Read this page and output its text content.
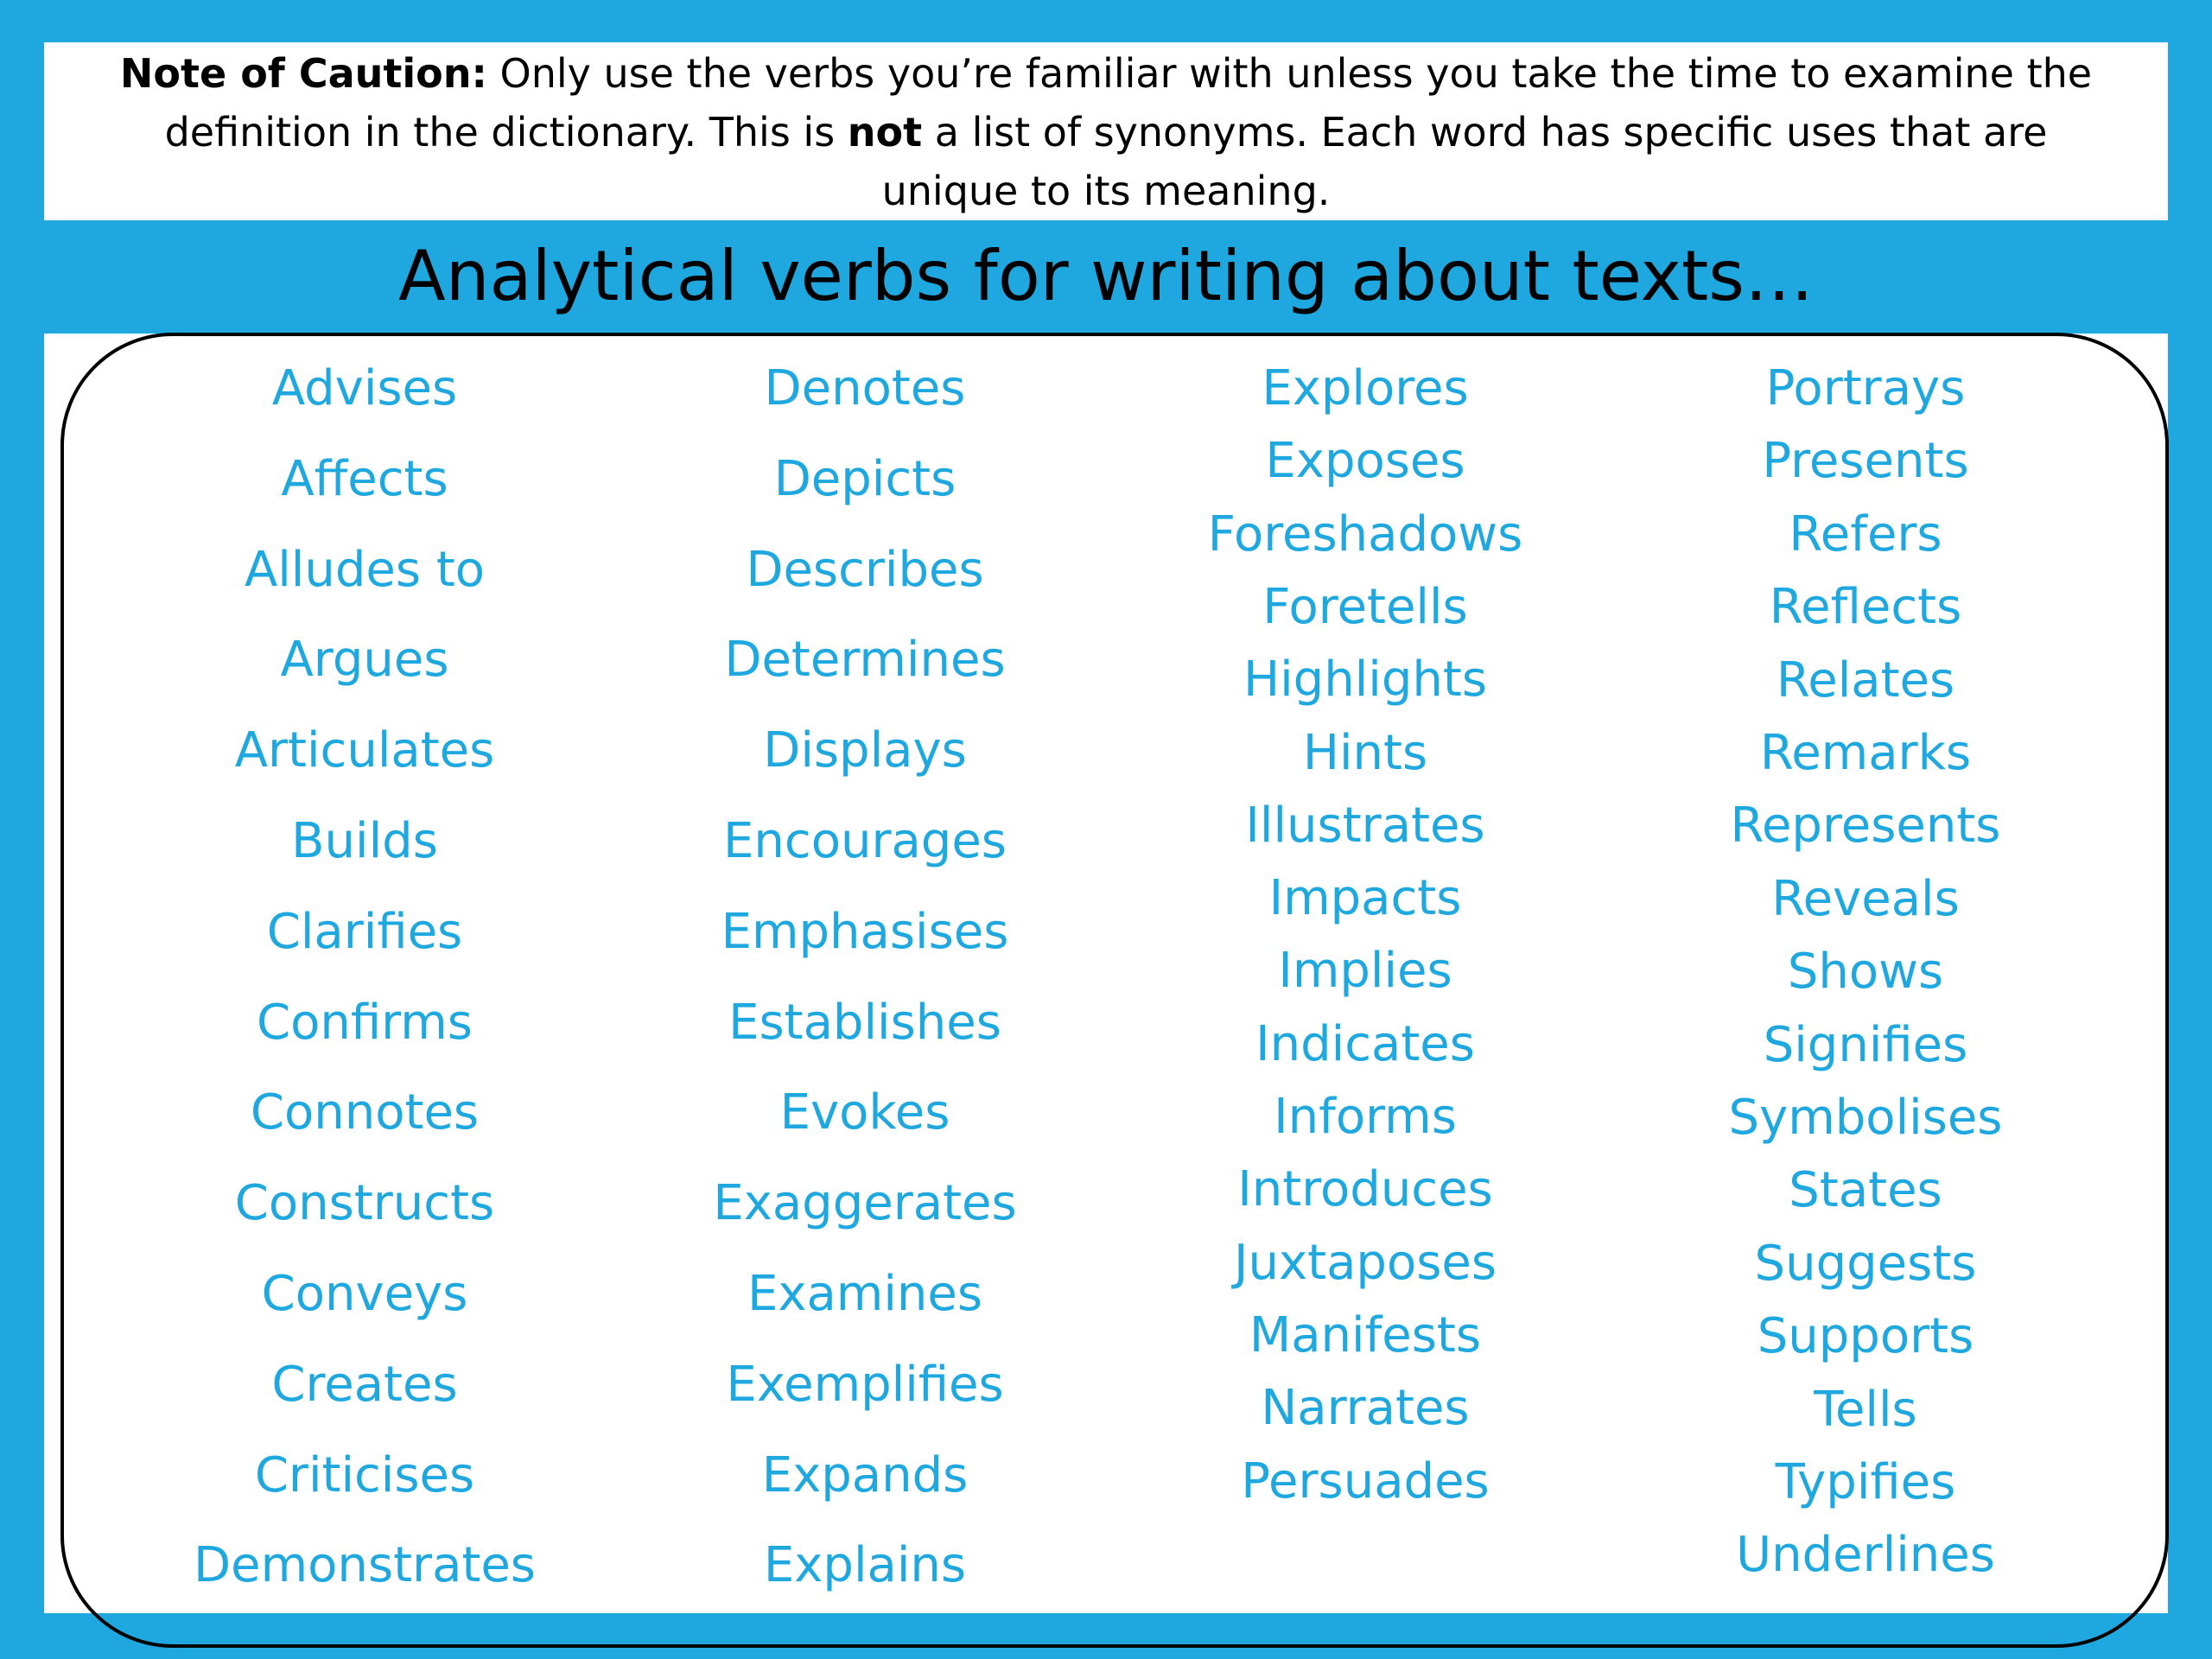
Note of Caution: Only use the verbs you’re familiar with unless you take the time to examine the definition in the dictionary. This is not a list of synonyms. Each word has specific uses that are unique to its meaning.
Analytical verbs for writing about texts…
Advises
Affects
Alludes to
Argues
Articulates
Builds
Clarifies
Confirms
Connotes
Constructs
Conveys
Creates
Criticises
Demonstrates
Denotes
Depicts
Describes
Determines
Displays
Encourages
Emphasises
Establishes
Evokes
Exaggerates
Examines
Exemplifies
Expands
Explains
Explores
Exposes
Foreshadows
Foretells
Highlights
Hints
Illustrates
Impacts
Implies
Indicates
Informs
Introduces
Juxtaposes
Manifests
Narrates
Persuades
Portrays
Presents
Refers
Reflects
Relates
Remarks
Represents
Reveals
Shows
Signifies
Symbolises
States
Suggests
Supports
Tells
Typifies
Underlines
